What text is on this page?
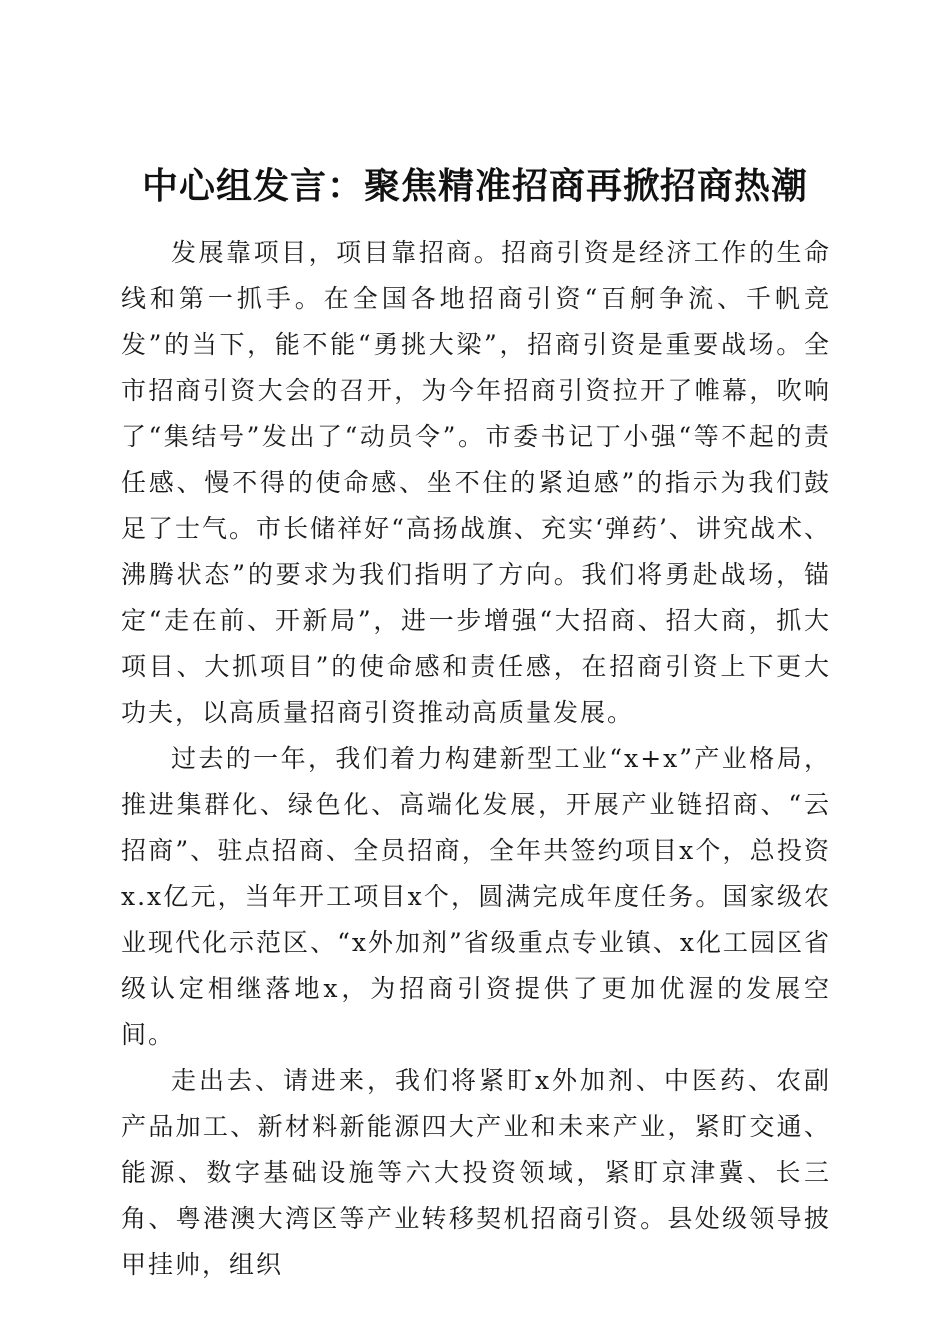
中心组发言：聚焦精准招商再掀招商热潮

发展靠项目，项目靠招商。招商引资是经济工作的生命线和第一抓手。在全国各地招商引资“百舸争流、千帆竞发”的当下，能不能“勇挑大梁”，招商引资是重要战场。全市招商引资大会的召开，为今年招商引资拉开了帷幕，吹响了“集结号”发出了“动员令”。市委书记丁小强“等不起的责任感、慢不得的使命感、坐不住的紧迫感”的指示为我们鼓足了士气。市长储祥好“高扬战旗、充实‘弹药’、讲究战术、沸腾状态”的要求为我们指明了方向。我们将勇赴战场，锚定“走在前、开新局”，进一步增强“大招商、招大商，抓大项目、大抓项目”的使命感和责任感，在招商引资上下更大功夫，以高质量招商引资推动高质量发展。

过去的一年，我们着力构建新型工业“x+x”产业格局，推进集群化、绿色化、高端化发展，开展产业链招商、“云招商”、驻点招商、全员招商，全年共签约项目x个，总投资x.x亿元，当年开工项目x个，圆满完成年度任务。国家级农业现代化示范区、“x外加剂”省级重点专业镇、x化工园区省级认定相继落地x，为招商引资提供了更加优渥的发展空间。

走出去、请进来，我们将紧盯x外加剂、中医药、农副产品加工、新材料新能源四大产业和未来产业，紧盯交通、能源、数字基础设施等六大投资领域，紧盯京津冀、长三角、粤港澳大湾区等产业转移契机招商引资。县处级领导披甲挂帅，组织
